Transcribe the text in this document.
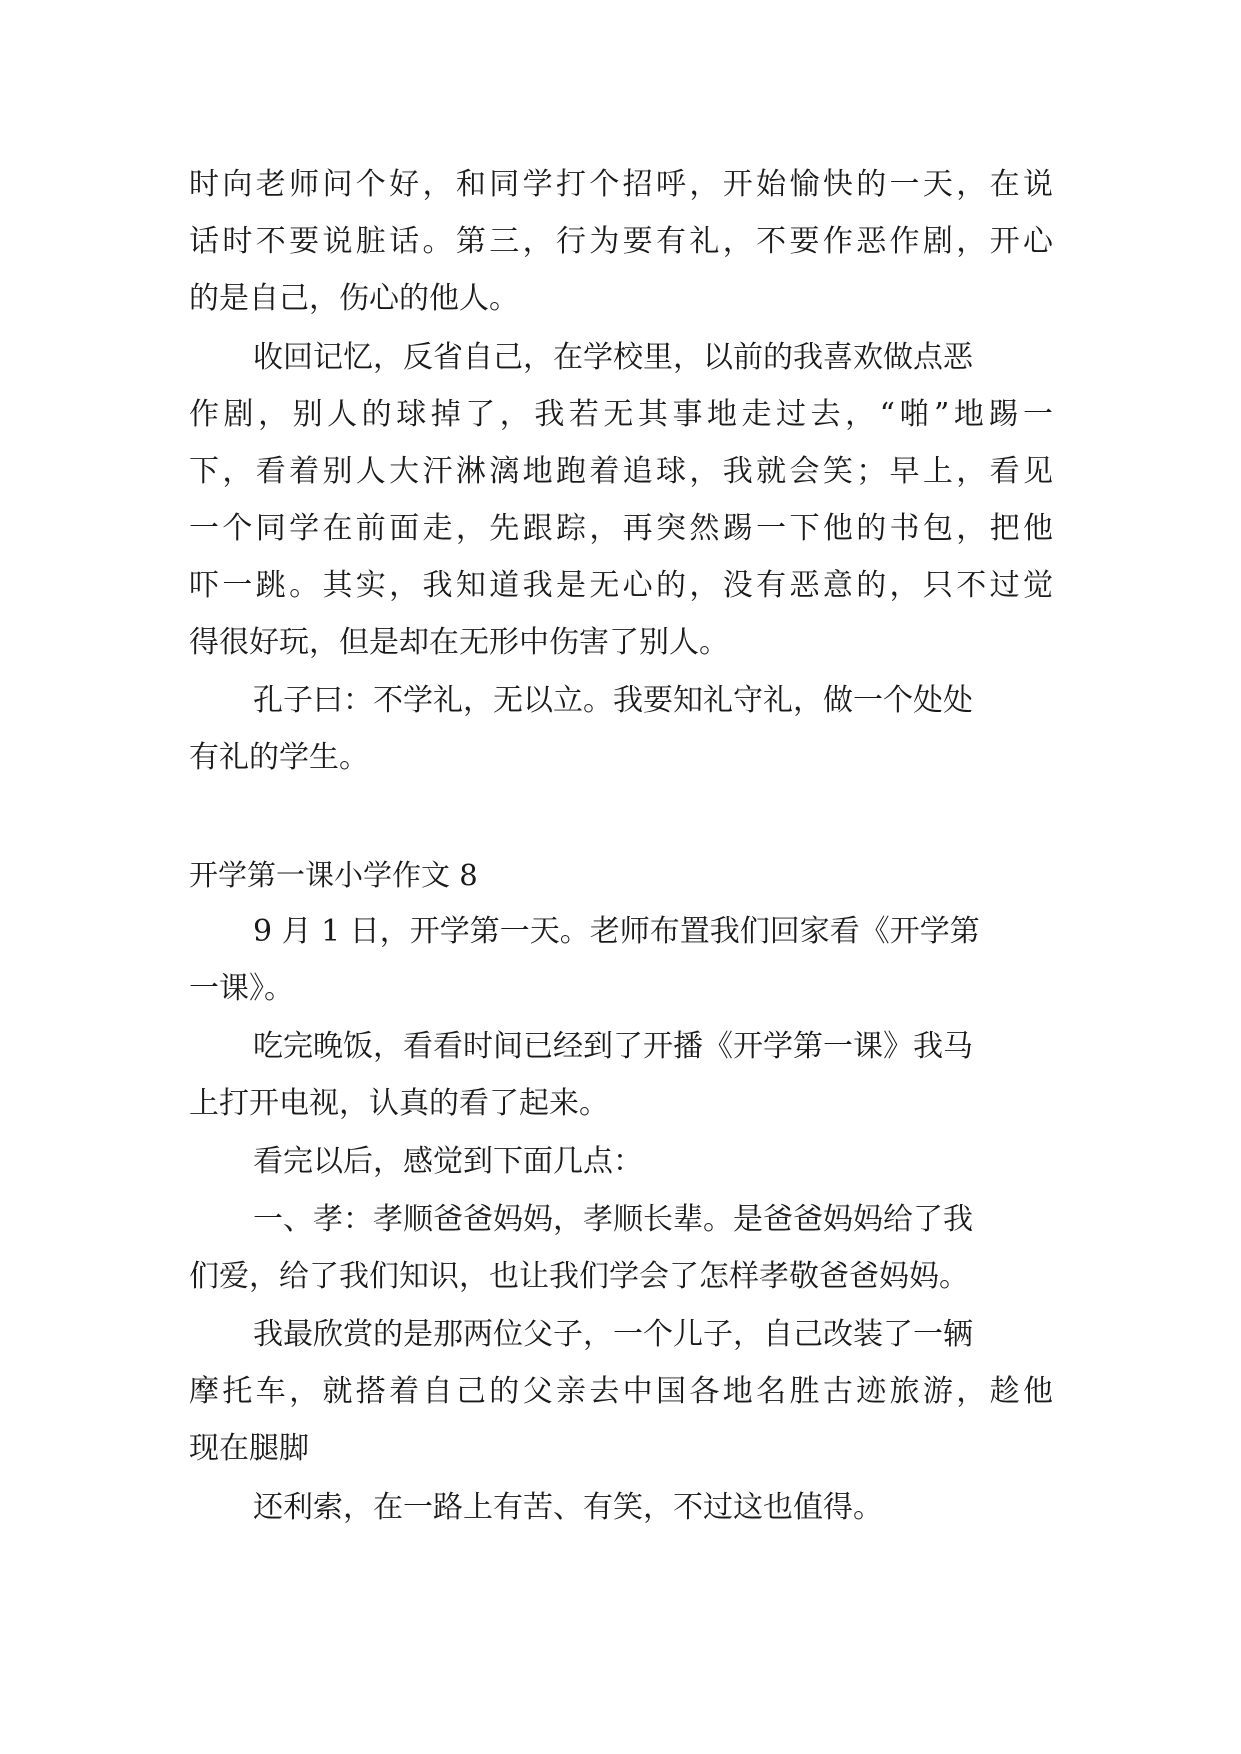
时向老师问个好，和同学打个招呼，开始愉快的一天，在说

话时不要说脏话。第三，行为要有礼，不要作恶作剧，开心

的是自己，伤心的他人。

收回记忆，反省自己，在学校里，以前的我喜欢做点恶

作剧，别人的球掉了，我若无其事地走过去，“啪”地踢一

下，看着别人大汗淋漓地跑着追球，我就会笑；早上，看见

一个同学在前面走，先跟踪，再突然踢一下他的书包，把他

吓一跳。其实，我知道我是无心的，没有恶意的，只不过觉

得很好玩，但是却在无形中伤害了别人。

孔子曰：不学礼，无以立。我要知礼守礼，做一个处处

有礼的学生。

开学第一课小学作文 8

9 月 1 日，开学第一天。老师布置我们回家看《开学第

一课》。

吃完晚饭，看看时间已经到了开播《开学第一课》我马

上打开电视，认真的看了起来。

看完以后，感觉到下面几点：

一、孝：孝顺爸爸妈妈，孝顺长辈。是爸爸妈妈给了我

们爱，给了我们知识，也让我们学会了怎样孝敬爸爸妈妈。

我最欣赏的是那两位父子，一个儿子，自己改装了一辆

摩托车，就搭着自己的父亲去中国各地名胜古迹旅游，趁他

现在腿脚

还利索，在一路上有苦、有笑，不过这也值得。
